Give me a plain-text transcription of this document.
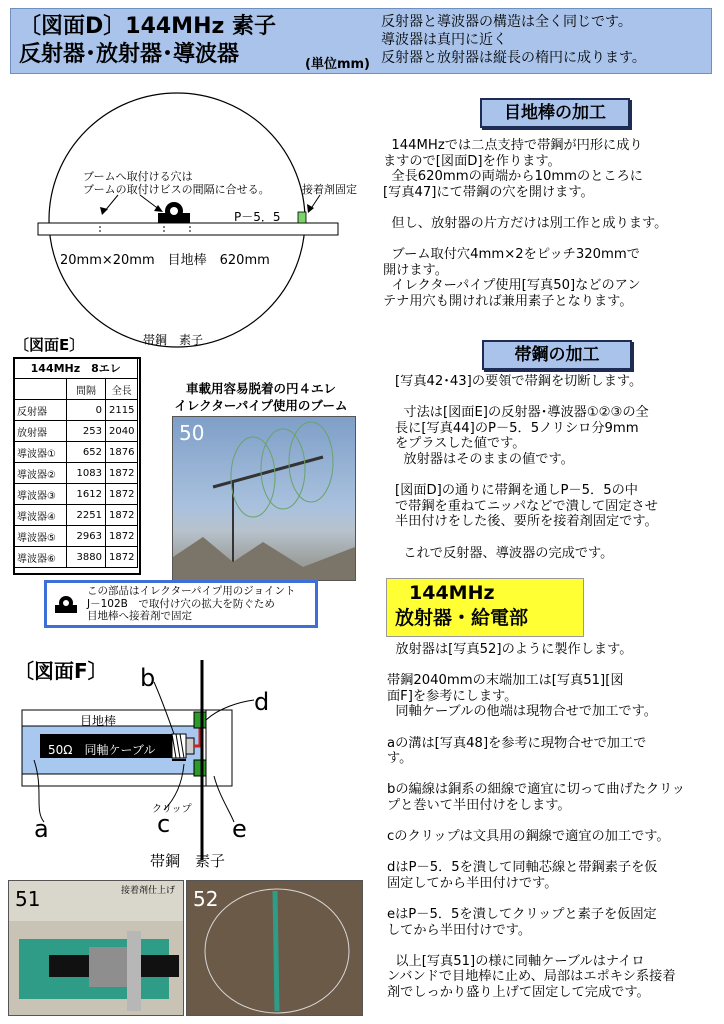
〔図面D〕144MHz 素子
反射器･放射器･導波器	(単位mm)
反射器と導波器の構造は全く同じです。
導波器は真円に近く
反射器と放射器は縦長の楕円に成ります。
ブームへ取付ける穴は
ブームの取付けビスの間隔に合せる。	接着剤固定
P－5．5
20mm×20mm　目地棒　620mm
帯鋼　素子
目地棒の加工
144MHzでは二点支持で帯鋼が円形に成り
ますので[図面D]を作ります。
全長620mmの両端から10mmのところに
[写真47]にて帯鋼の穴を開けます。

但し、放射器の片方だけは別工作と成ります。

ブーム取付穴4mm×2をピッチ320mmで
開けます。
イレクターパイプ使用[写真50]などのアン
テナ用穴も開ければ兼用素子となります。
帯鋼の加工
[写真42･43]の要領で帯鋼を切断します。

寸法は[図面E]の反射器･導波器①②③の全
長に[写真44]のP－5．5ノリシロ分9mm
をプラスした値です。
放射器はそのままの値です。

[図面D]の通りに帯鋼を通しP－5．5の中
で帯鋼を重ねてニッパなどで潰して固定させ
半田付けをした後、要所を接着剤固定です。

これで反射器、導波器の完成です。
144MHz
放射器・給電部
放射器は[写真52]のように製作します。

帯鋼2040mmの末端加工は[写真51][図
面F]を参考にします。
同軸ケーブルの他端は現物合せで加工です。

aの溝は[写真48]を参考に現物合せで加工で
す。

bの編線は銅系の細線で適宜に切って曲げたクリッ
プと巻いて半田付けをします。

cのクリップは文具用の鋼線で適宜の加工です。

dはP－5．5を潰して同軸芯線と帯鋼素子を仮
固定してから半田付けです。

eはP－5．5を潰してクリップと素子を仮固定
してから半田付けです。

以上[写真51]の様に同軸ケーブルはナイロ
ンバンドで目地棒に止め、局部はエポキシ系接着
剤でしっかり盛り上げて固定して完成です。
〔図面E〕
144MHz　8エレ		
	間隔	全長
反射器	0	2115
放射器	253	2040
導波器①	652	1876
導波器②	1083	1872
導波器③	1612	1872
導波器④	2251	1872
導波器⑤	2963	1872
導波器⑥	3880	1872
車載用容易脱着の円４エレ
イレクターパイプ使用のブーム
50
この部品はイレクターパイプ用のジョイント
J－102B　で取付け穴の拡大を防ぐため
目地棒へ接着剤で固定
〔図面F〕
目地棒
50Ω　同軸ケーブル
クリップ
帯鋼　素子
a
b
c
d
e
51	接着剤仕上げ 52
